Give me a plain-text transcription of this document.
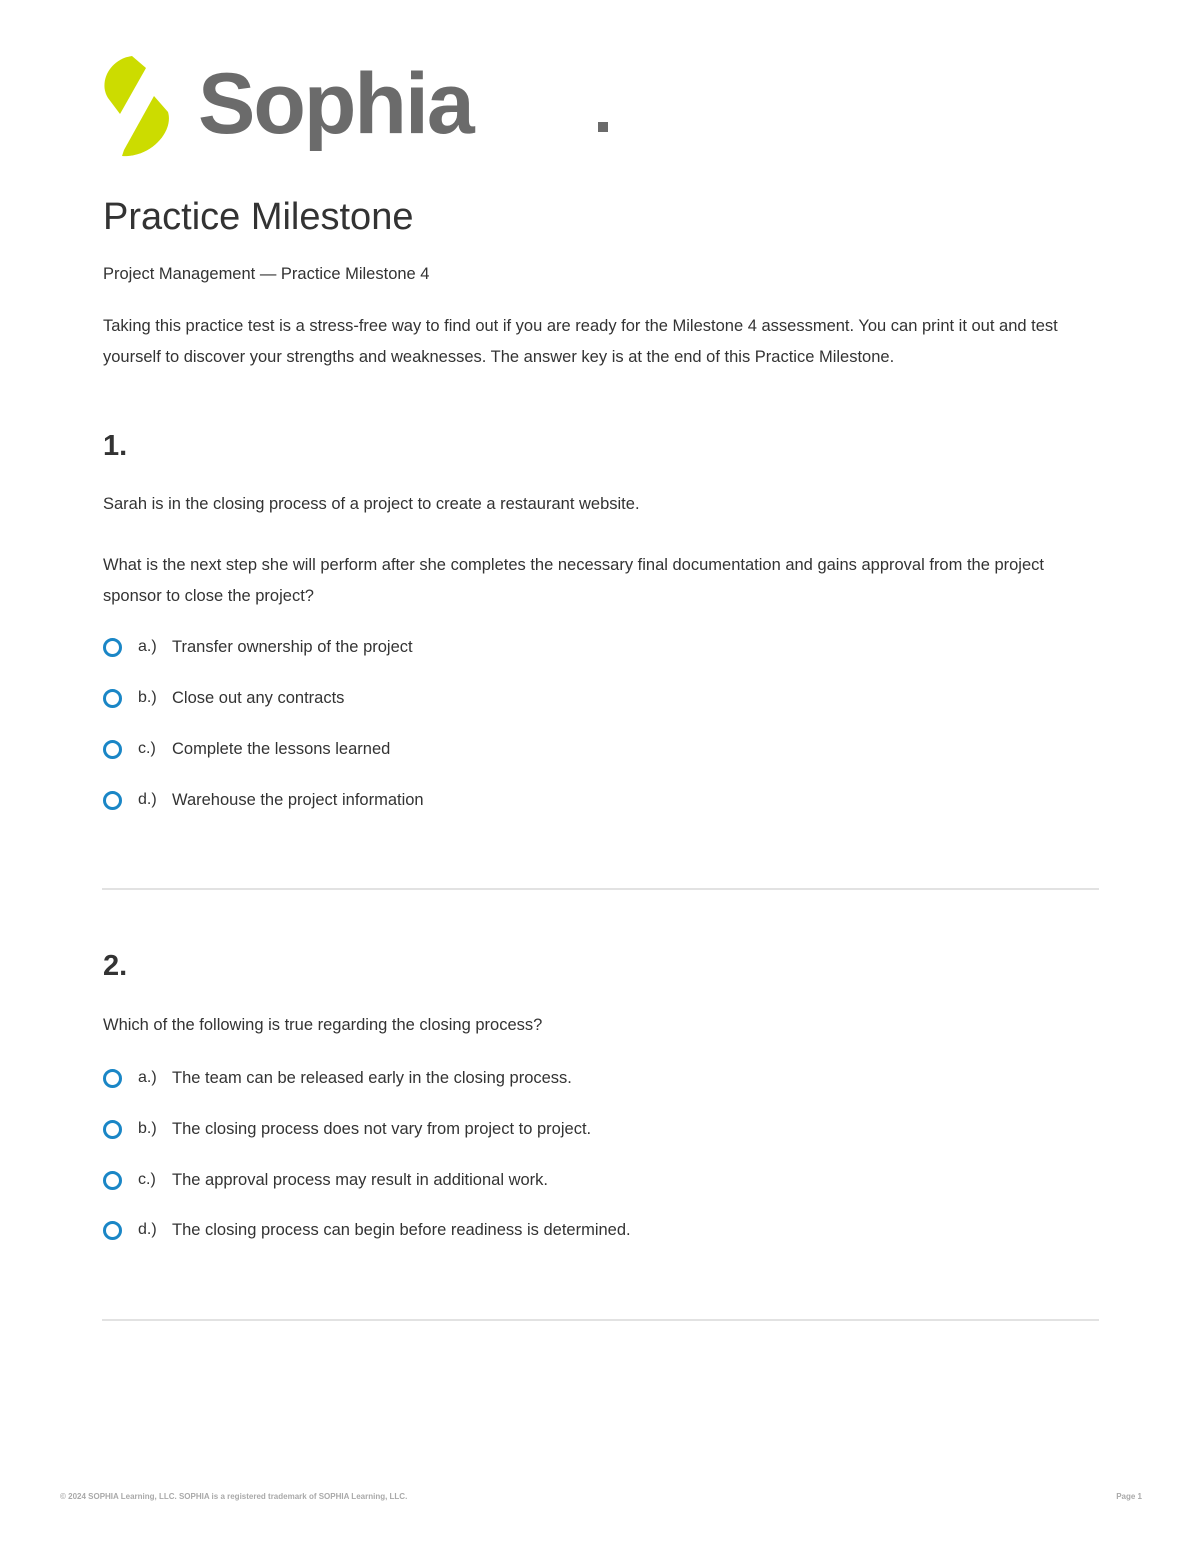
Sophia
Practice Milestone
Project Management — Practice Milestone 4

Taking this practice test is a stress-free way to find out if you are ready for the Milestone 4 assessment. You can print it out and test yourself to discover your strengths and weaknesses. The answer key is at the end of this Practice Milestone.

1.

Sarah is in the closing process of a project to create a restaurant website.

What is the next step she will perform after she completes the necessary final documentation and gains approval from the project sponsor to close the project?

a.) Transfer ownership of the project
b.) Close out any contracts
c.) Complete the lessons learned
d.) Warehouse the project information
2.

Which of the following is true regarding the closing process?

a.) The team can be released early in the closing process.
b.) The closing process does not vary from project to project.
c.) The approval process may result in additional work.
d.) The closing process can begin before readiness is determined.
© 2024 SOPHIA Learning, LLC. SOPHIA is a registered trademark of SOPHIA Learning, LLC.	Page 1
